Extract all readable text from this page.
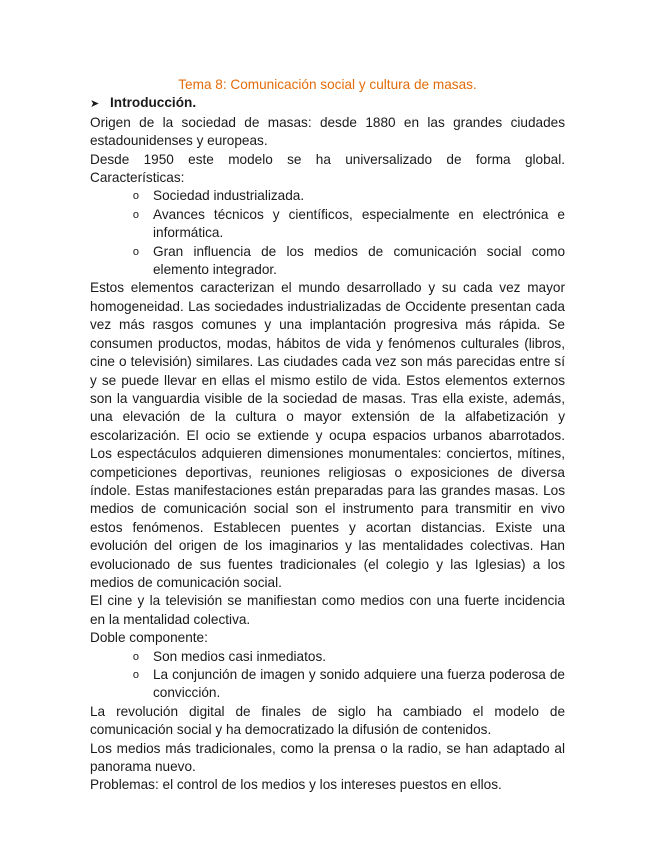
Tema 8: Comunicación social y cultura de masas.
➤ Introducción.

Origen de la sociedad de masas: desde 1880 en las grandes ciudades estadounidenses y europeas.

Desde 1950 este modelo se ha universalizado de forma global. Características:

o	Sociedad industrializada.
o	Avances técnicos y científicos, especialmente en electrónica e informática.
o	Gran influencia de los medios de comunicación social como elemento integrador.

Estos elementos caracterizan el mundo desarrollado y su cada vez mayor homogeneidad. Las sociedades industrializadas de Occidente presentan cada vez más rasgos comunes y una implantación progresiva más rápida. Se consumen productos, modas, hábitos de vida y fenómenos culturales (libros, cine o televisión) similares. Las ciudades cada vez son más parecidas entre sí y se puede llevar en ellas el mismo estilo de vida. Estos elementos externos son la vanguardia visible de la sociedad de masas. Tras ella existe, además, una elevación de la cultura o mayor extensión de la alfabetización y escolarización. El ocio se extiende y ocupa espacios urbanos abarrotados. Los espectáculos adquieren dimensiones monumentales: conciertos, mítines, competiciones deportivas, reuniones religiosas o exposiciones de diversa índole. Estas manifestaciones están preparadas para las grandes masas. Los medios de comunicación social son el instrumento para transmitir en vivo estos fenómenos. Establecen puentes y acortan distancias. Existe una evolución del origen de los imaginarios y las mentalidades colectivas. Han evolucionado de sus fuentes tradicionales (el colegio y las Iglesias) a los medios de comunicación social.

El cine y la televisión se manifiestan como medios con una fuerte incidencia en la mentalidad colectiva.

Doble componente:

o	Son medios casi inmediatos.
o	La conjunción de imagen y sonido adquiere una fuerza poderosa de convicción.

La revolución digital de finales de siglo ha cambiado el modelo de comunicación social y ha democratizado la difusión de contenidos.

Los medios más tradicionales, como la prensa o la radio, se han adaptado al panorama nuevo.

Problemas: el control de los medios y los intereses puestos en ellos.
